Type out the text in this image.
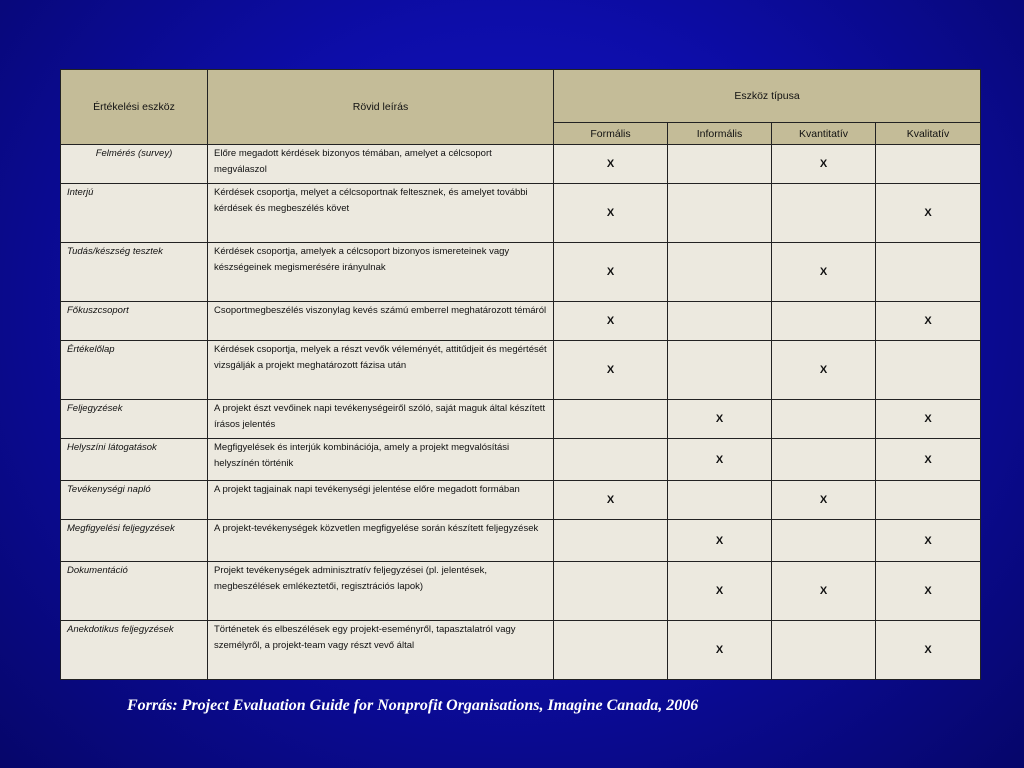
Értékelési eszköz	Rövid leírás	Eszköz típusa			
		Formális	Informális	Kvantitatív	Kvalitatív
Felmérés (survey)	Előre megadott kérdések bizonyos témában, amelyet a célcsoport megválaszol	X		X	
Interjú	Kérdések csoportja, melyet a célcsoportnak feltesznek, és amelyet további kérdések és megbeszélés követ	X			X
Tudás/készség tesztek	Kérdések csoportja, amelyek a célcsoport bizonyos ismereteinek vagy készségeinek megismerésére irányulnak	X		X	
Főkuszcsoport	Csoportmegbeszélés viszonylag kevés számú emberrel meghatározott témáról	X			X
Értékelőlap	Kérdések csoportja, melyek a részt vevők véleményét, attitűdjeit és megértését vizsgálják a projekt meghatározott fázisa után	X		X	
Feljegyzések	A projekt észt vevőinek napi tevékenységeiről szóló, saját maguk által készített írásos jelentés		X		X
Helyszíni látogatások	Megfigyelések és interjúk kombinációja, amely a projekt megvalósítási helyszínén történik		X		X
Tevékenységi napló	A projekt tagjainak napi tevékenységi jelentése előre megadott formában	X		X	
Megfigyelési feljegyzések	A projekt-tevékenységek közvetlen megfigyelése során készített feljegyzések		X		X
Dokumentáció	Projekt tevékenységek adminisztratív feljegyzései (pl. jelentések, megbeszélések emlékeztetői, regisztrációs lapok)		X	X	X
Anekdotikus feljegyzések	Történetek és elbeszélések egy projekt-eseményről, tapasztalatról vagy személyről, a projekt-team vagy részt vevő által		X		X
Forrás: Project Evaluation Guide for Nonprofit Organisations, Imagine Canada, 2006
